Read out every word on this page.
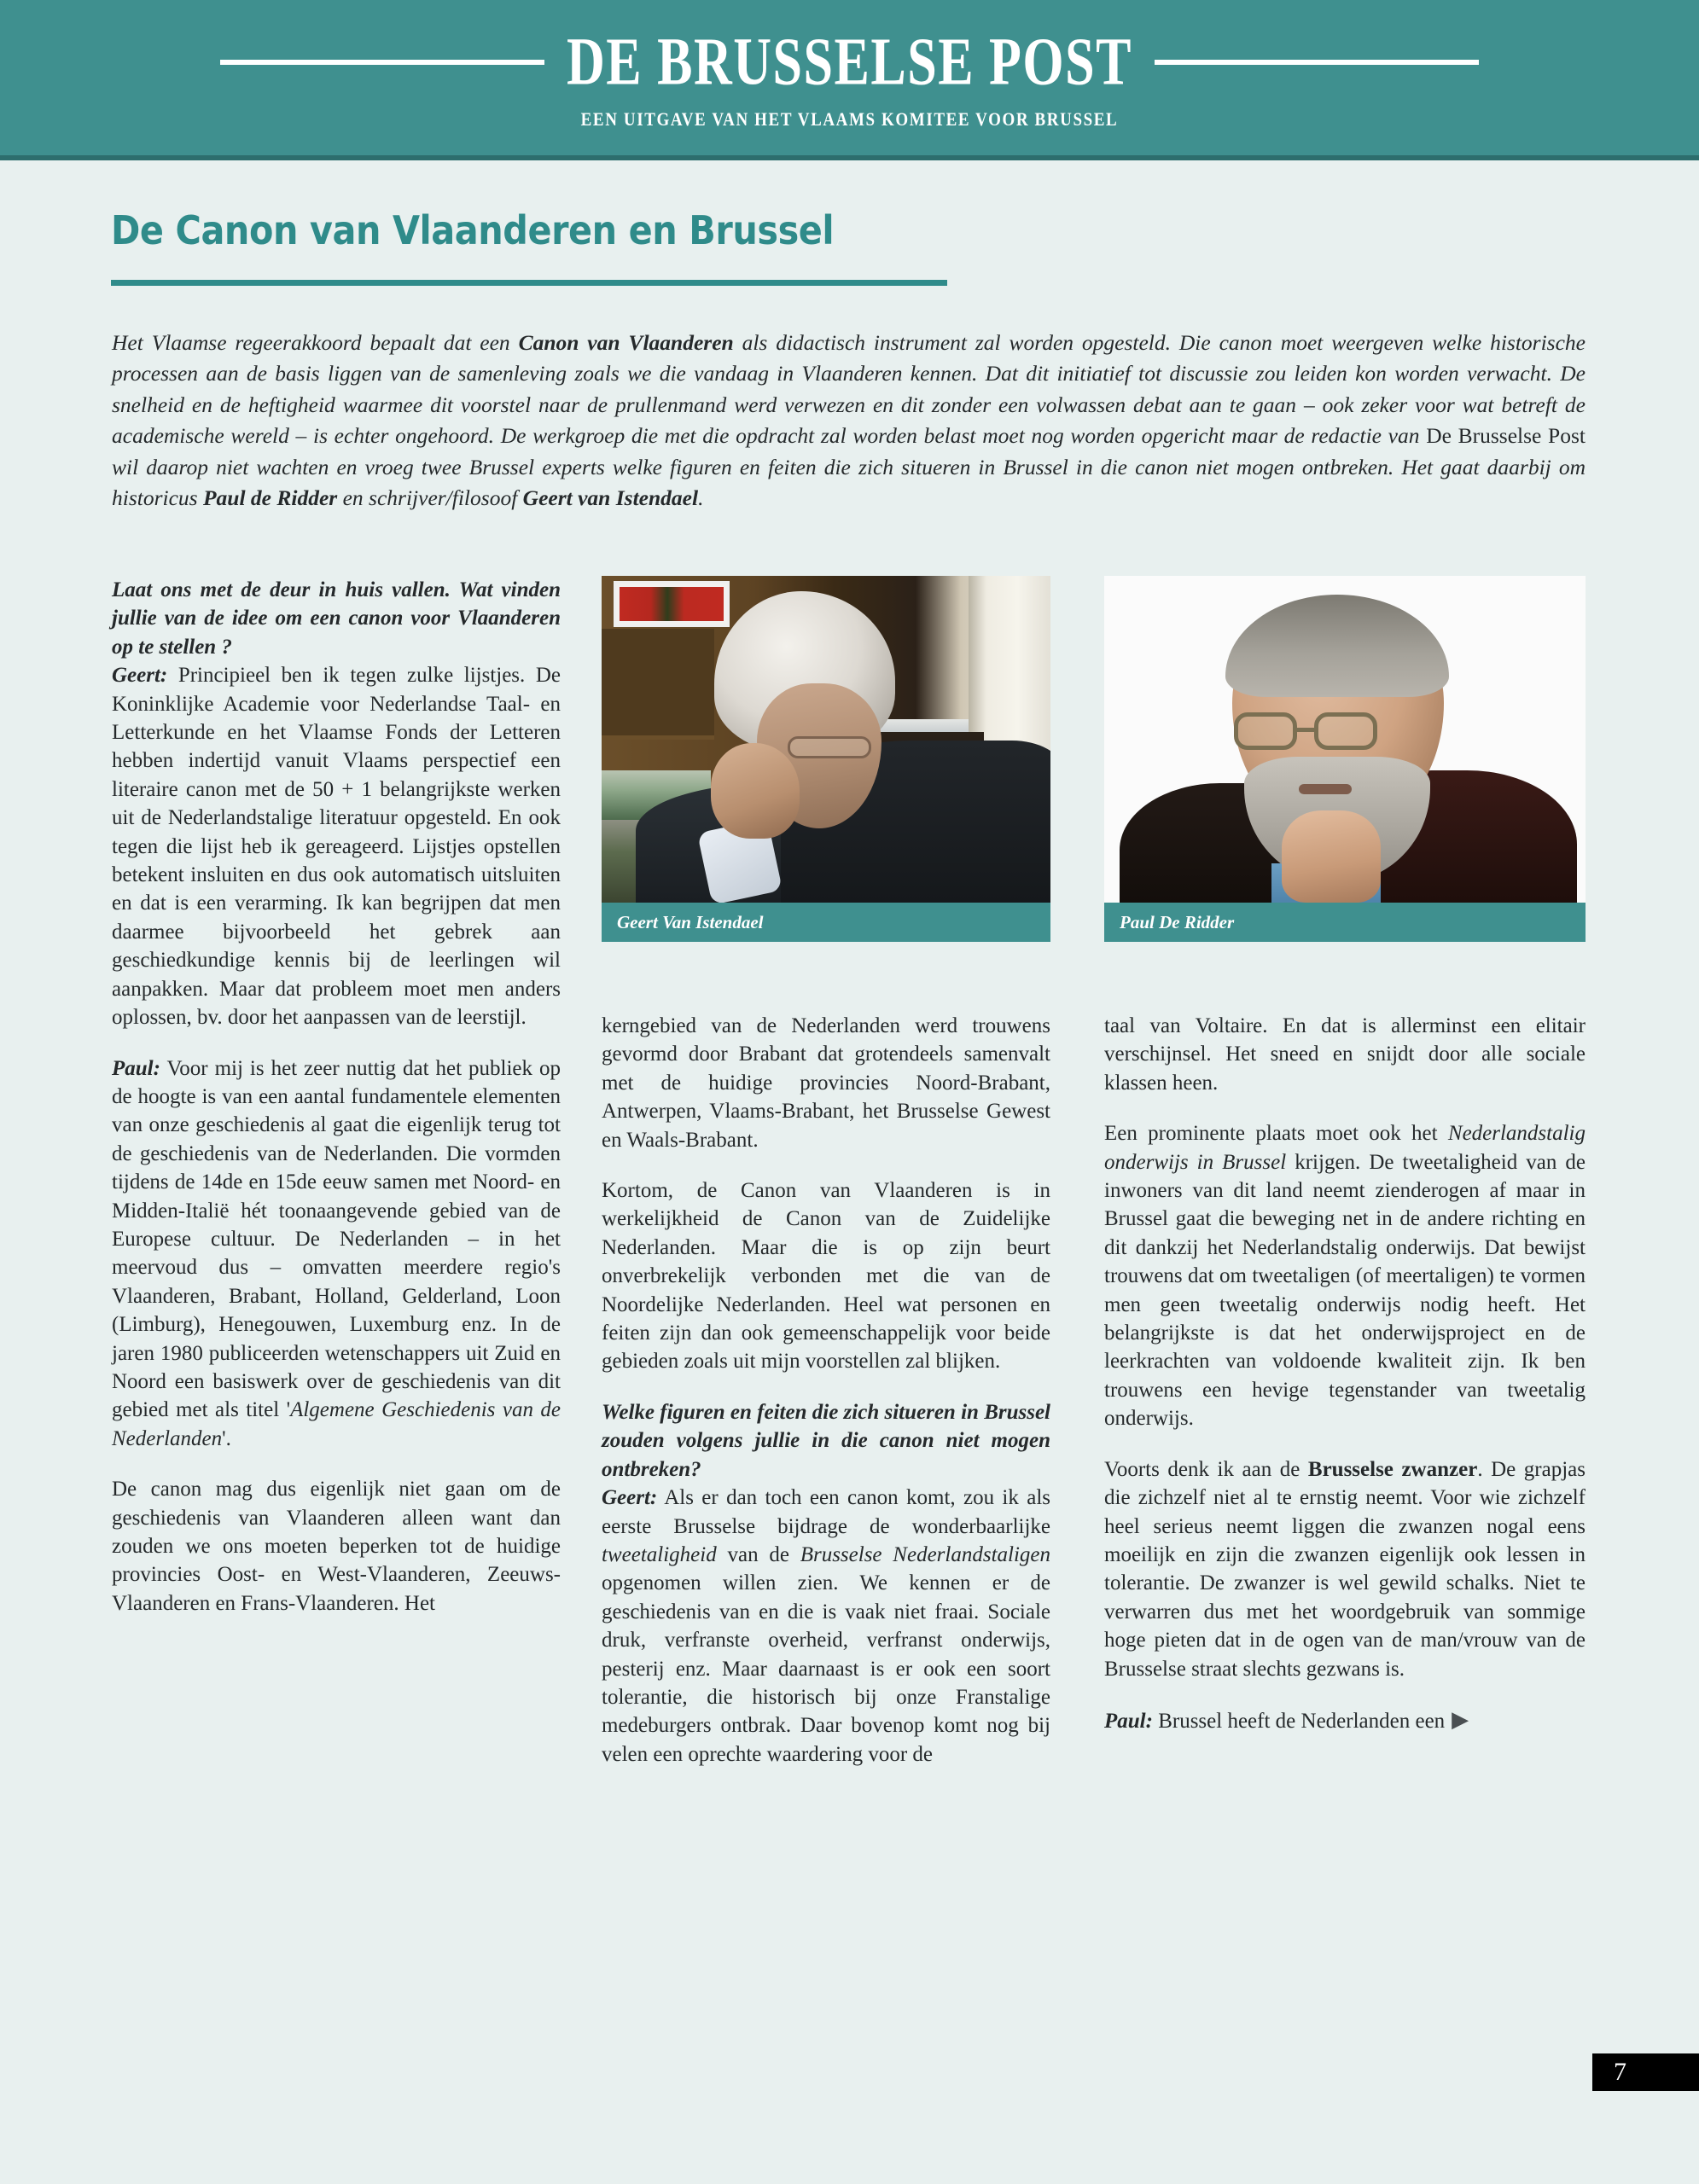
DE BRUSSELSE POST
EEN UITGAVE VAN HET VLAAMS KOMITEE VOOR BRUSSEL
De Canon van Vlaanderen en Brussel
Het Vlaamse regeerakkoord bepaalt dat een Canon van Vlaanderen als didactisch instrument zal worden opgesteld. Die canon moet weergeven welke historische processen aan de basis liggen van de samenleving zoals we die vandaag in Vlaanderen kennen. Dat dit initiatief tot discussie zou leiden kon worden verwacht. De snelheid en de heftigheid waarmee dit voorstel naar de prullenmand werd verwezen en dit zonder een volwassen debat aan te gaan – ook zeker voor wat betreft de academische wereld – is echter ongehoord. De werkgroep die met die opdracht zal worden belast moet nog worden opgericht maar de redactie van De Brusselse Post wil daarop niet wachten en vroeg twee Brussel experts welke figuren en feiten die zich situeren in Brussel in die canon niet mogen ontbreken. Het gaat daarbij om historicus Paul de Ridder en schrijver/filosoof Geert van Istendael.
Geert Van Istendael	Paul De Ridder

Laat ons met de deur in huis vallen. Wat vinden jullie van de idee om een canon voor Vlaanderen op te stellen ?
Geert: Principieel ben ik tegen zulke lijstjes. De Koninklijke Academie voor Nederlandse Taal- en Letterkunde en het Vlaamse Fonds der Letteren hebben indertijd vanuit Vlaams perspectief een literaire canon met de 50 + 1 belangrijkste werken uit de Nederlandstalige literatuur opgesteld. En ook tegen die lijst heb ik gereageerd. Lijstjes opstellen betekent insluiten en dus ook automatisch uitsluiten en dat is een verarming. Ik kan begrijpen dat men daarmee bijvoorbeeld het gebrek aan geschiedkundige kennis bij de leerlingen wil aanpakken. Maar dat probleem moet men anders oplossen, bv. door het aanpassen van de leerstijl.

Paul: Voor mij is het zeer nuttig dat het publiek op de hoogte is van een aantal fundamentele elementen van onze geschiedenis al gaat die eigenlijk terug tot de geschiedenis van de Nederlanden. Die vormden tijdens de 14de en 15de eeuw samen met Noord- en Midden-Italië hét toonaangevende gebied van de Europese cultuur. De Nederlanden – in het meervoud dus – omvatten meerdere regio's Vlaanderen, Brabant, Holland, Gelderland, Loon (Limburg), Henegouwen, Luxemburg enz. In de jaren 1980 publiceerden wetenschappers uit Zuid en Noord een basiswerk over de geschiedenis van dit gebied met als titel 'Algemene Geschiedenis van de Nederlanden'.

De canon mag dus eigenlijk niet gaan om de geschiedenis van Vlaanderen alleen want dan zouden we ons moeten beperken tot de huidige provincies Oost- en West-Vlaanderen, Zeeuws-Vlaanderen en Frans-Vlaanderen. Het

kerngebied van de Nederlanden werd trouwens gevormd door Brabant dat grotendeels samenvalt met de huidige provincies Noord-Brabant, Antwerpen, Vlaams-Brabant, het Brusselse Gewest en Waals-Brabant.

Kortom, de Canon van Vlaanderen is in werkelijkheid de Canon van de Zuidelijke Nederlanden. Maar die is op zijn beurt onverbrekelijk verbonden met die van de Noordelijke Nederlanden. Heel wat personen en feiten zijn dan ook gemeenschappelijk voor beide gebieden zoals uit mijn voorstellen zal blijken.

Welke figuren en feiten die zich situeren in Brussel zouden volgens jullie in die canon niet mogen ontbreken?
Geert: Als er dan toch een canon komt, zou ik als eerste Brusselse bijdrage de wonderbaarlijke tweetaligheid van de Brusselse Nederlandstaligen opgenomen willen zien. We kennen er de geschiedenis van en die is vaak niet fraai. Sociale druk, verfranste overheid, verfranst onderwijs, pesterij enz. Maar daarnaast is er ook een soort tolerantie, die historisch bij onze Franstalige medeburgers ontbrak. Daar bovenop komt nog bij velen een oprechte waardering voor de

taal van Voltaire. En dat is allerminst een elitair verschijnsel. Het sneed en snijdt door alle sociale klassen heen.

Een prominente plaats moet ook het Nederlandstalig onderwijs in Brussel krijgen. De tweetaligheid van de inwoners van dit land neemt zienderogen af maar in Brussel gaat die beweging net in de andere richting en dit dankzij het Nederlandstalig onderwijs. Dat bewijst trouwens dat om tweetaligen (of meertaligen) te vormen men geen tweetalig onderwijs nodig heeft. Het belangrijkste is dat het onderwijsproject en de leerkrachten van voldoende kwaliteit zijn. Ik ben trouwens een hevige tegenstander van tweetalig onderwijs.

Voorts denk ik aan de Brusselse zwanzer. De grapjas die zichzelf niet al te ernstig neemt. Voor wie zichzelf heel serieus neemt liggen die zwanzen nogal eens moeilijk en zijn die zwanzen eigenlijk ook lessen in tolerantie. De zwanzer is wel gewild schalks. Niet te verwarren dus met het woordgebruik van sommige hoge pieten dat in de ogen van de man/vrouw van de Brusselse straat slechts gezwans is.

Paul: Brussel heeft de Nederlanden een ▶

7
